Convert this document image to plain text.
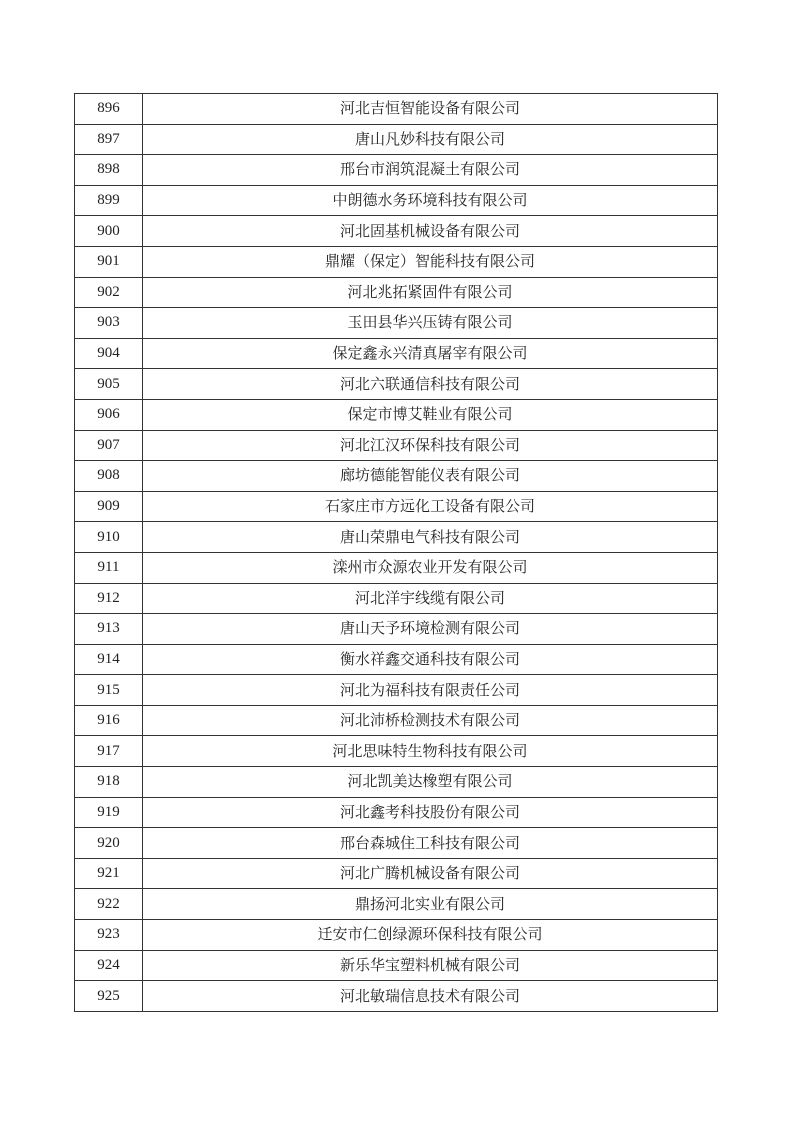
896	河北吉恒智能设备有限公司
897	唐山凡妙科技有限公司
898	邢台市润筑混凝土有限公司
899	中朗德水务环境科技有限公司
900	河北固基机械设备有限公司
901	鼎耀（保定）智能科技有限公司
902	河北兆拓紧固件有限公司
903	玉田县华兴压铸有限公司
904	保定鑫永兴清真屠宰有限公司
905	河北六联通信科技有限公司
906	保定市博艾鞋业有限公司
907	河北江汉环保科技有限公司
908	廊坊德能智能仪表有限公司
909	石家庄市方远化工设备有限公司
910	唐山荣鼎电气科技有限公司
911	滦州市众源农业开发有限公司
912	河北洋宇线缆有限公司
913	唐山天予环境检测有限公司
914	衡水祥鑫交通科技有限公司
915	河北为福科技有限责任公司
916	河北沛桥检测技术有限公司
917	河北思味特生物科技有限公司
918	河北凯美达橡塑有限公司
919	河北鑫考科技股份有限公司
920	邢台森城住工科技有限公司
921	河北广腾机械设备有限公司
922	鼎扬河北实业有限公司
923	迁安市仁创绿源环保科技有限公司
924	新乐华宝塑料机械有限公司
925	河北敏瑞信息技术有限公司
